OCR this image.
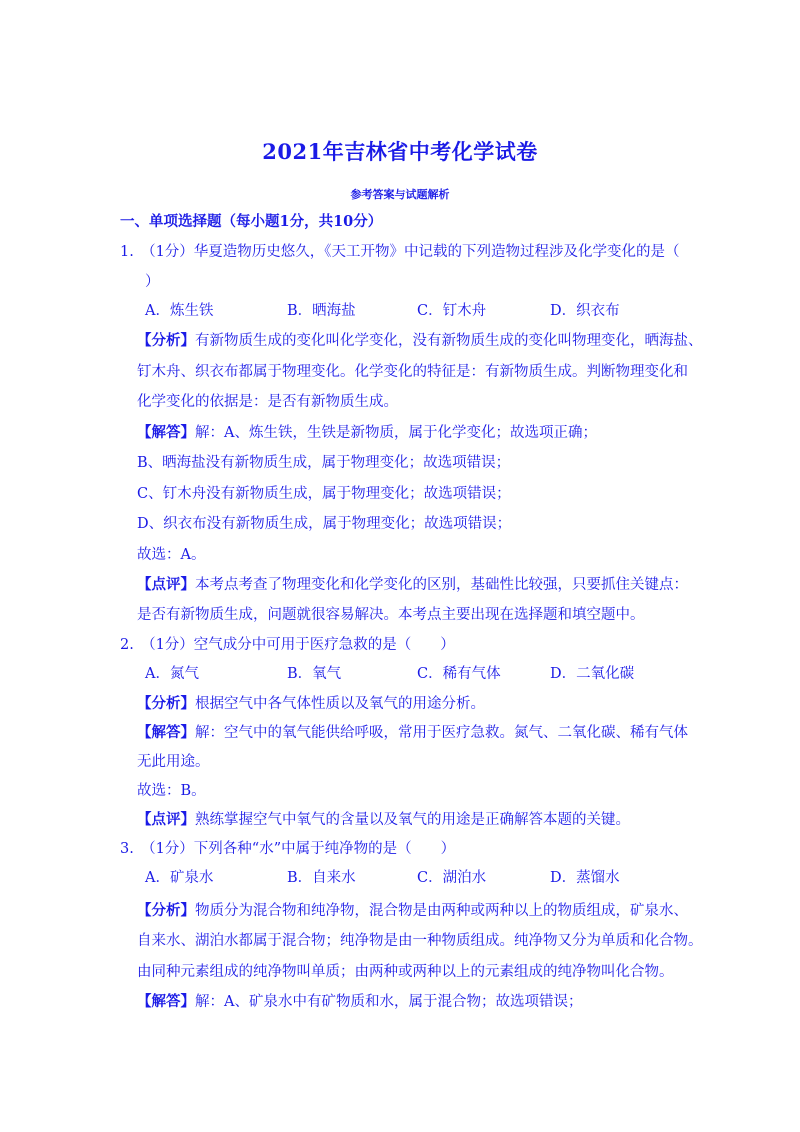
2021年吉林省中考化学试卷
参考答案与试题解析
一、单项选择题（每小题1分，共10分）
1.　（1分）华夏造物历史悠久，《天工开物》中记载的下列造物过程涉及化学变化的是（
）
A．炼生铁	B．晒海盐	C．钉木舟	D．织衣布
【分析】有新物质生成的变化叫化学变化，没有新物质生成的变化叫物理变化，晒海盐、
钉木舟、织衣布都属于物理变化。化学变化的特征是：有新物质生成。判断物理变化和
化学变化的依据是：是否有新物质生成。
【解答】解：A、炼生铁，生铁是新物质，属于化学变化；故选项正确；
B、晒海盐没有新物质生成，属于物理变化；故选项错误；
C、钉木舟没有新物质生成，属于物理变化；故选项错误；
D、织衣布没有新物质生成，属于物理变化；故选项错误；
故选：A。
【点评】本考点考查了物理变化和化学变化的区别，基础性比较强，只要抓住关键点：
是否有新物质生成，问题就很容易解决。本考点主要出现在选择题和填空题中。
2.　（1分）空气成分中可用于医疗急救的是（　　）
A．氮气	B．氧气	C．稀有气体	D．二氧化碳
【分析】根据空气中各气体性质以及氧气的用途分析。
【解答】解：空气中的氧气能供给呼吸，常用于医疗急救。氮气、二氧化碳、稀有气体
无此用途。
故选：B。
【点评】熟练掌握空气中氧气的含量以及氧气的用途是正确解答本题的关键。
3.　（1分）下列各种“水”中属于纯净物的是（　　）
A．矿泉水	B．自来水	C．湖泊水	D．蒸馏水
【分析】物质分为混合物和纯净物，混合物是由两种或两种以上的物质组成，矿泉水、
自来水、湖泊水都属于混合物；纯净物是由一种物质组成。纯净物又分为单质和化合物。
由同种元素组成的纯净物叫单质；由两种或两种以上的元素组成的纯净物叫化合物。
【解答】解：A、矿泉水中有矿物质和水，属于混合物；故选项错误；
